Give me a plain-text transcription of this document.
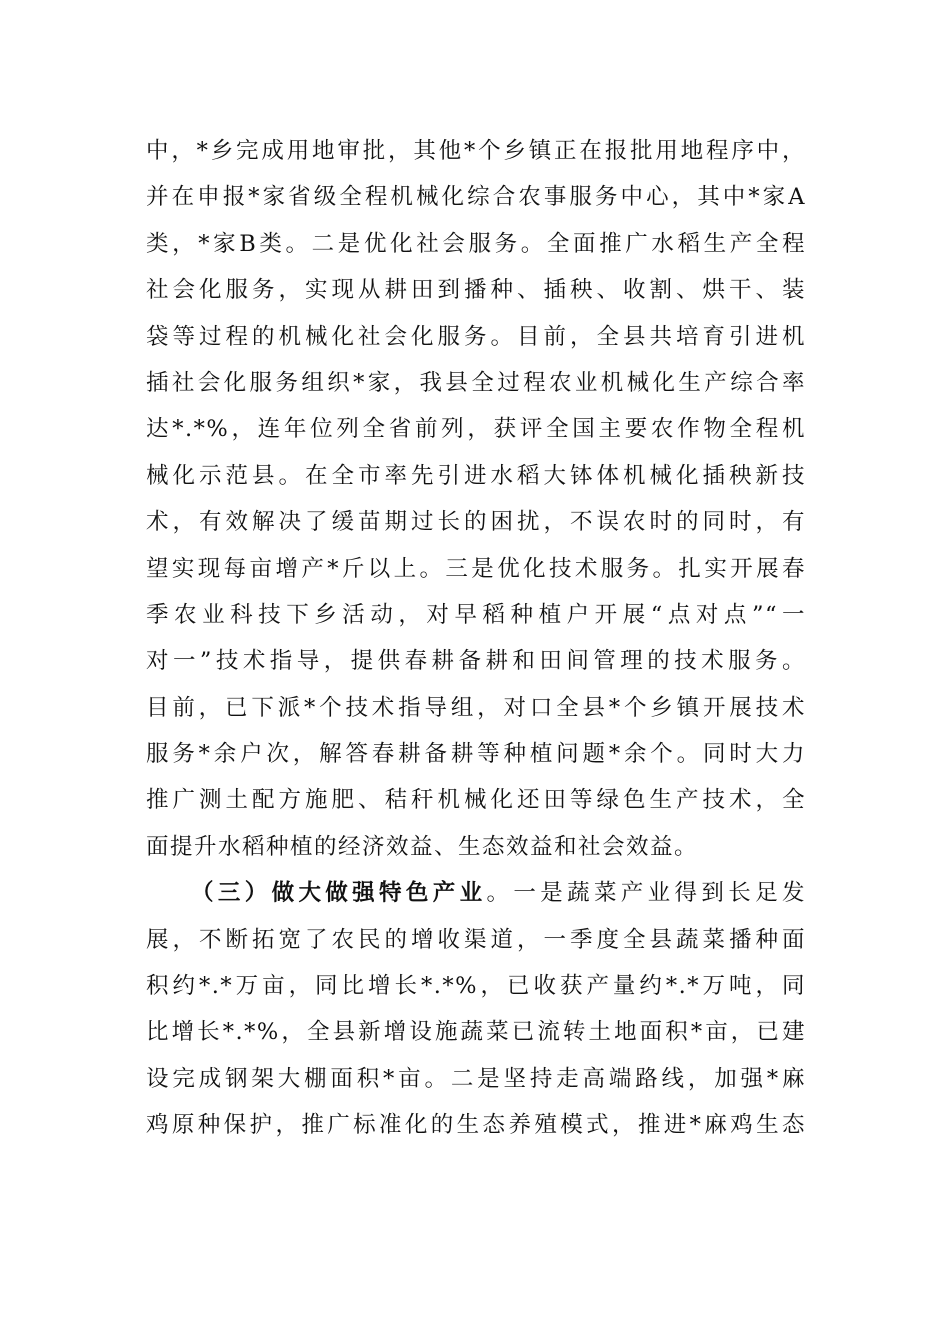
中，*乡完成用地审批，其他*个乡镇正在报批用地程序中，
并在申报*家省级全程机械化综合农事服务中心，其中*家A
类，*家B类。二是优化社会服务。全面推广水稻生产全程
社会化服务，实现从耕田到播种、插秧、收割、烘干、装
袋等过程的机械化社会化服务。目前，全县共培育引进机
插社会化服务组织*家，我县全过程农业机械化生产综合率
达*.*%，连年位列全省前列，获评全国主要农作物全程机
械化示范县。在全市率先引进水稻大钵体机械化插秧新技
术，有效解决了缓苗期过长的困扰，不误农时的同时，有
望实现每亩增产*斤以上。三是优化技术服务。扎实开展春
季农业科技下乡活动，对早稻种植户开展“点对点”“一
对一”技术指导，提供春耕备耕和田间管理的技术服务。
目前，已下派*个技术指导组，对口全县*个乡镇开展技术
服务*余户次，解答春耕备耕等种植问题*余个。同时大力
推广测土配方施肥、秸秆机械化还田等绿色生产技术，全
面提升水稻种植的经济效益、生态效益和社会效益。
（三）做大做强特色产业。一是蔬菜产业得到长足发
展，不断拓宽了农民的增收渠道，一季度全县蔬菜播种面
积约*.*万亩，同比增长*.*%，已收获产量约*.*万吨，同
比增长*.*%，全县新增设施蔬菜已流转土地面积*亩，已建
设完成钢架大棚面积*亩。二是坚持走高端路线，加强*麻
鸡原种保护，推广标准化的生态养殖模式，推进*麻鸡生态
